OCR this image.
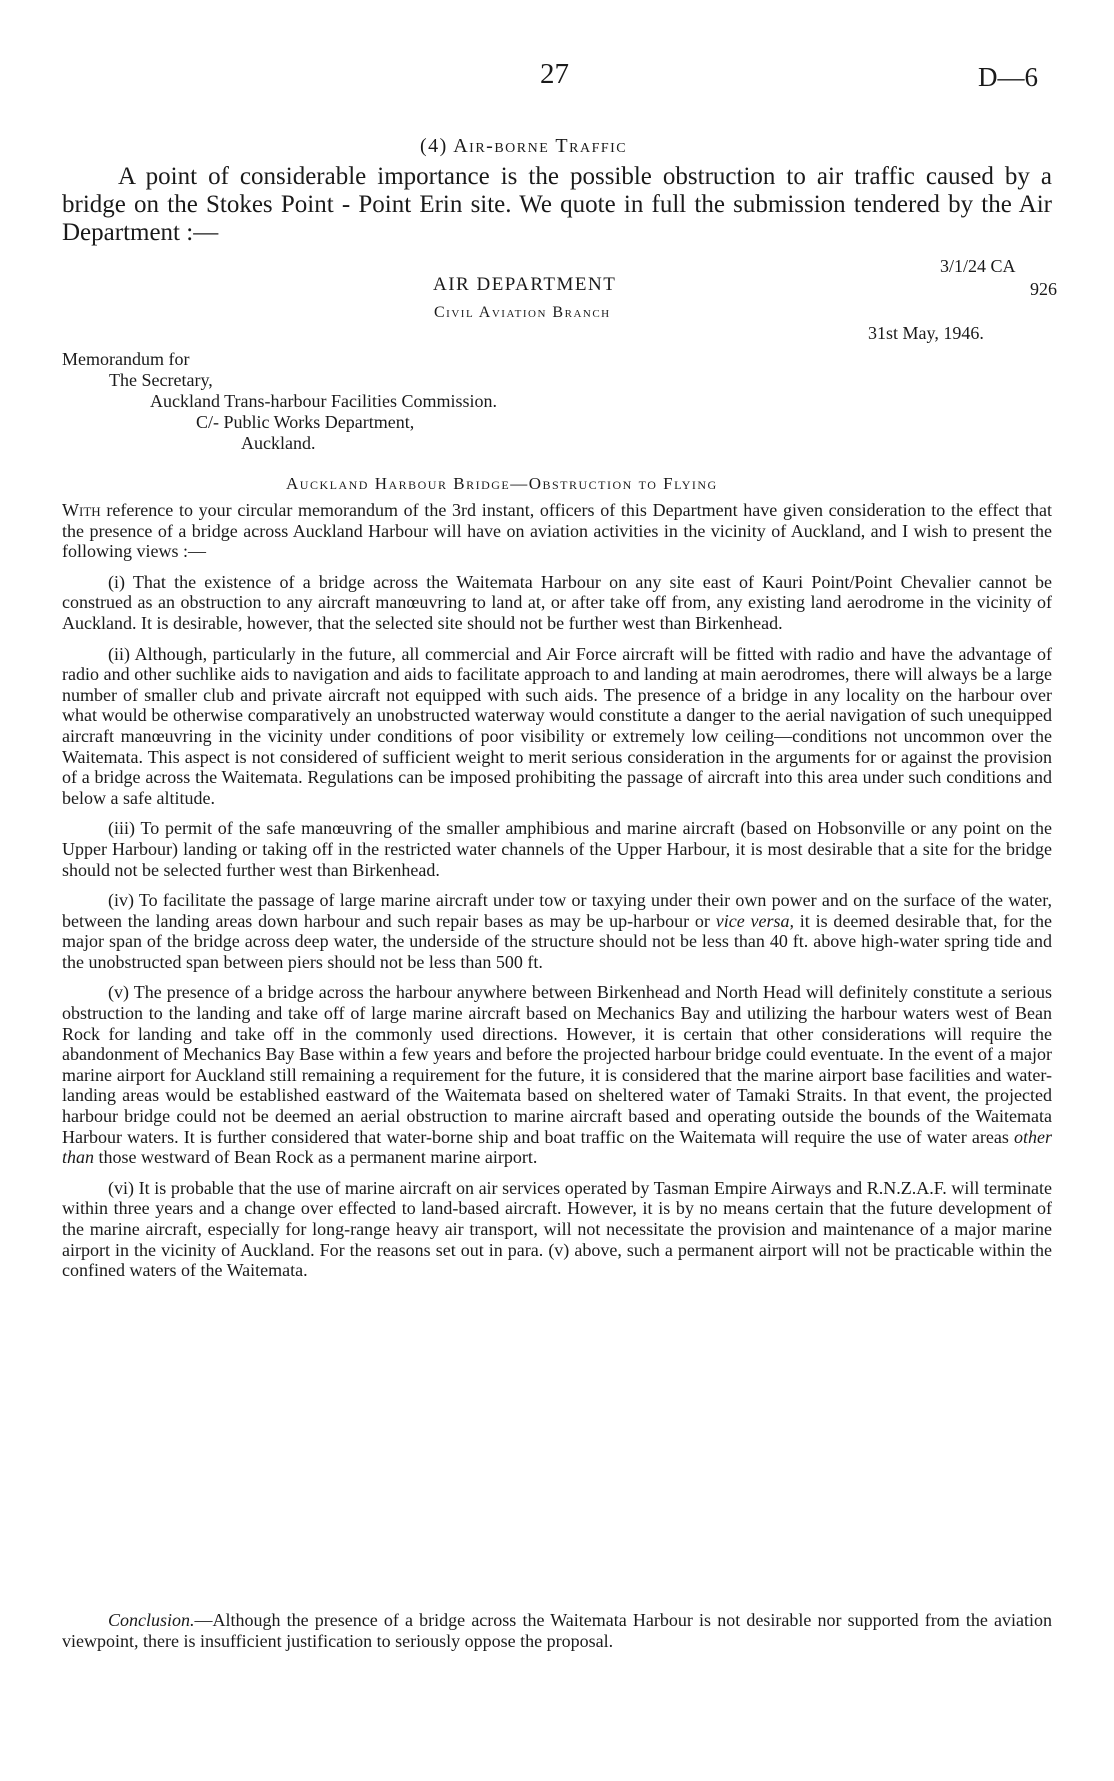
27	D—6
(4) Air-borne Traffic
A point of considerable importance is the possible obstruction to air traffic caused by a bridge on the Stokes Point - Point Erin site. We quote in full the submission tendered by the Air Department :—
AIR DEPARTMENT
Civil Aviation Branch
3/1/24 CA
926
31st May, 1946.
Memorandum for
The Secretary,
Auckland Trans-harbour Facilities Commission.
C/- Public Works Department,
Auckland.
Auckland Harbour Bridge—Obstruction to Flying

With reference to your circular memorandum of the 3rd instant, officers of this Department have given consideration to the effect that the presence of a bridge across Auckland Harbour will have on aviation activities in the vicinity of Auckland, and I wish to present the following views :—

(i) That the existence of a bridge across the Waitemata Harbour on any site east of Kauri Point/Point Chevalier cannot be construed as an obstruction to any aircraft manœuvring to land at, or after take off from, any existing land aerodrome in the vicinity of Auckland. It is desirable, however, that the selected site should not be further west than Birkenhead.

(ii) Although, particularly in the future, all commercial and Air Force aircraft will be fitted with radio and have the advantage of radio and other suchlike aids to navigation and aids to facilitate approach to and landing at main aerodromes, there will always be a large number of smaller club and private aircraft not equipped with such aids. The presence of a bridge in any locality on the harbour over what would be otherwise comparatively an unobstructed waterway would constitute a danger to the aerial navigation of such unequipped aircraft manœuvring in the vicinity under conditions of poor visibility or extremely low ceiling—conditions not uncommon over the Waitemata. This aspect is not considered of sufficient weight to merit serious consideration in the arguments for or against the provision of a bridge across the Waitemata. Regulations can be imposed prohibiting the passage of aircraft into this area under such conditions and below a safe altitude.

(iii) To permit of the safe manœuvring of the smaller amphibious and marine aircraft (based on Hobsonville or any point on the Upper Harbour) landing or taking off in the restricted water channels of the Upper Harbour, it is most desirable that a site for the bridge should not be selected further west than Birkenhead.

(iv) To facilitate the passage of large marine aircraft under tow or taxying under their own power and on the surface of the water, between the landing areas down harbour and such repair bases as may be up-harbour or vice versa, it is deemed desirable that, for the major span of the bridge across deep water, the underside of the structure should not be less than 40 ft. above high-water spring tide and the unobstructed span between piers should not be less than 500 ft.

(v) The presence of a bridge across the harbour anywhere between Birkenhead and North Head will definitely constitute a serious obstruction to the landing and take off of large marine aircraft based on Mechanics Bay and utilizing the harbour waters west of Bean Rock for landing and take off in the commonly used directions. However, it is certain that other considerations will require the abandonment of Mechanics Bay Base within a few years and before the projected harbour bridge could eventuate. In the event of a major marine airport for Auckland still remaining a requirement for the future, it is considered that the marine airport base facilities and water-landing areas would be established eastward of the Waitemata based on sheltered water of Tamaki Straits. In that event, the projected harbour bridge could not be deemed an aerial obstruction to marine aircraft based and operating outside the bounds of the Waitemata Harbour waters. It is further considered that water-borne ship and boat traffic on the Waitemata will require the use of water areas other than those westward of Bean Rock as a permanent marine airport.

(vi) It is probable that the use of marine aircraft on air services operated by Tasman Empire Airways and R.N.Z.A.F. will terminate within three years and a change over effected to land-based aircraft. However, it is by no means certain that the future development of the marine aircraft, especially for long-range heavy air transport, will not necessitate the provision and maintenance of a major marine airport in the vicinity of Auckland. For the reasons set out in para. (v) above, such a permanent airport will not be practicable within the confined waters of the Waitemata.

Conclusion.—Although the presence of a bridge across the Waitemata Harbour is not desirable nor supported from the aviation viewpoint, there is insufficient justification to seriously oppose the proposal.
